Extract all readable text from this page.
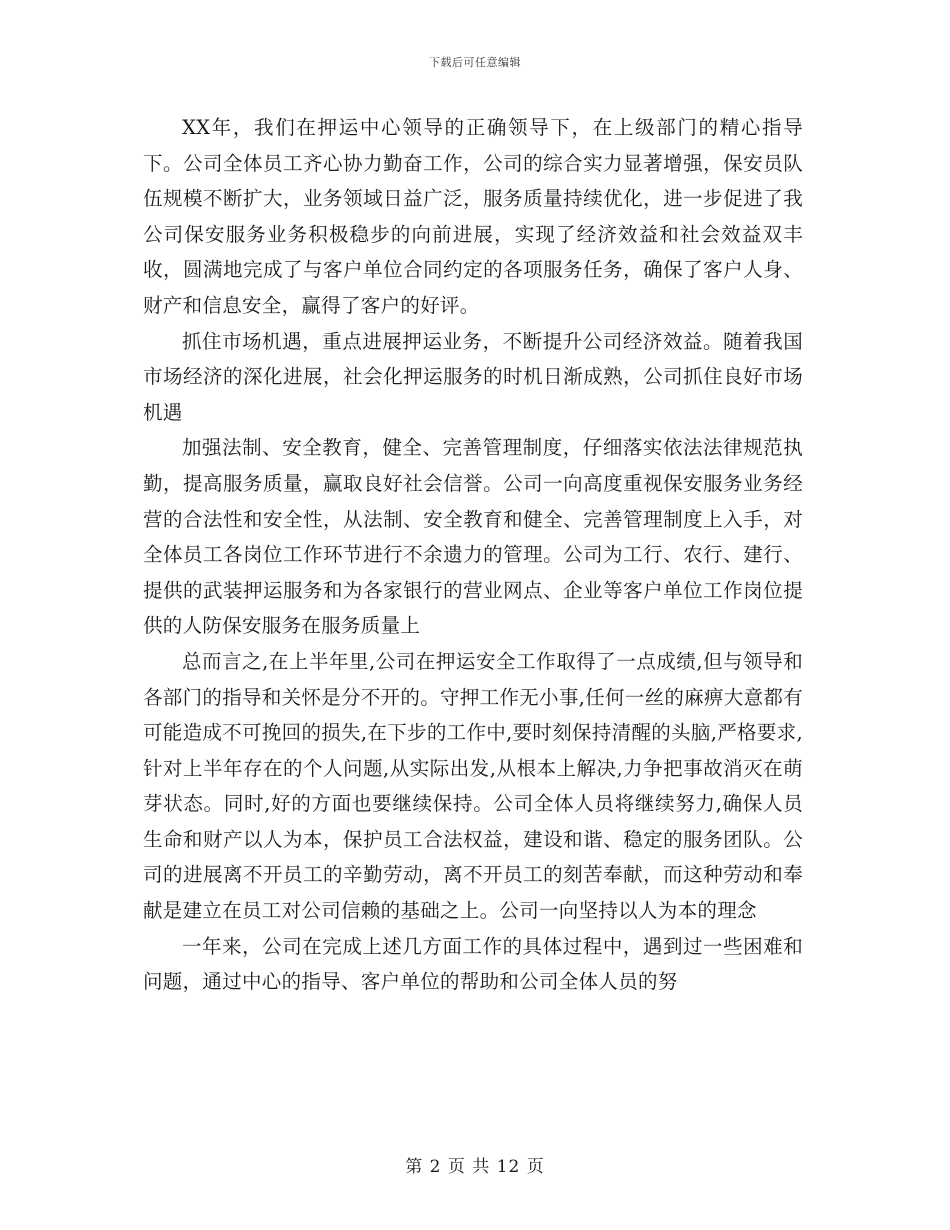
下载后可任意编辑

XX年，我们在押运中心领导的正确领导下，在上级部门的精心指导下。公司全体员工齐心协力勤奋工作，公司的综合实力显著增强，保安员队伍规模不断扩大，业务领域日益广泛，服务质量持续优化，进一步促进了我公司保安服务业务积极稳步的向前进展，实现了经济效益和社会效益双丰收，圆满地完成了与客户单位合同约定的各项服务任务，确保了客户人身、财产和信息安全，赢得了客户的好评。

抓住市场机遇，重点进展押运业务，不断提升公司经济效益。随着我国市场经济的深化进展，社会化押运服务的时机日渐成熟，公司抓住良好市场机遇

加强法制、安全教育，健全、完善管理制度，仔细落实依法法律规范执勤，提高服务质量，赢取良好社会信誉。公司一向高度重视保安服务业务经营的合法性和安全性，从法制、安全教育和健全、完善管理制度上入手，对全体员工各岗位工作环节进行不余遗力的管理。公司为工行、农行、建行、提供的武装押运服务和为各家银行的营业网点、企业等客户单位工作岗位提供的人防保安服务在服务质量上

总而言之,在上半年里,公司在押运安全工作取得了一点成绩,但与领导和各部门的指导和关怀是分不开的。守押工作无小事,任何一丝的麻痹大意都有可能造成不可挽回的损失,在下步的工作中,要时刻保持清醒的头脑,严格要求,针对上半年存在的个人问题,从实际出发,从根本上解决,力争把事故消灭在萌芽状态。同时,好的方面也要继续保持。公司全体人员将继续努力,确保人员生命和财产以人为本，保护员工合法权益，建设和谐、稳定的服务团队。公司的进展离不开员工的辛勤劳动，离不开员工的刻苦奉献，而这种劳动和奉献是建立在员工对公司信赖的基础之上。公司一向坚持以人为本的理念

一年来，公司在完成上述几方面工作的具体过程中，遇到过一些困难和问题，通过中心的指导、客户单位的帮助和公司全体人员的努

第 2 页 共 12 页
